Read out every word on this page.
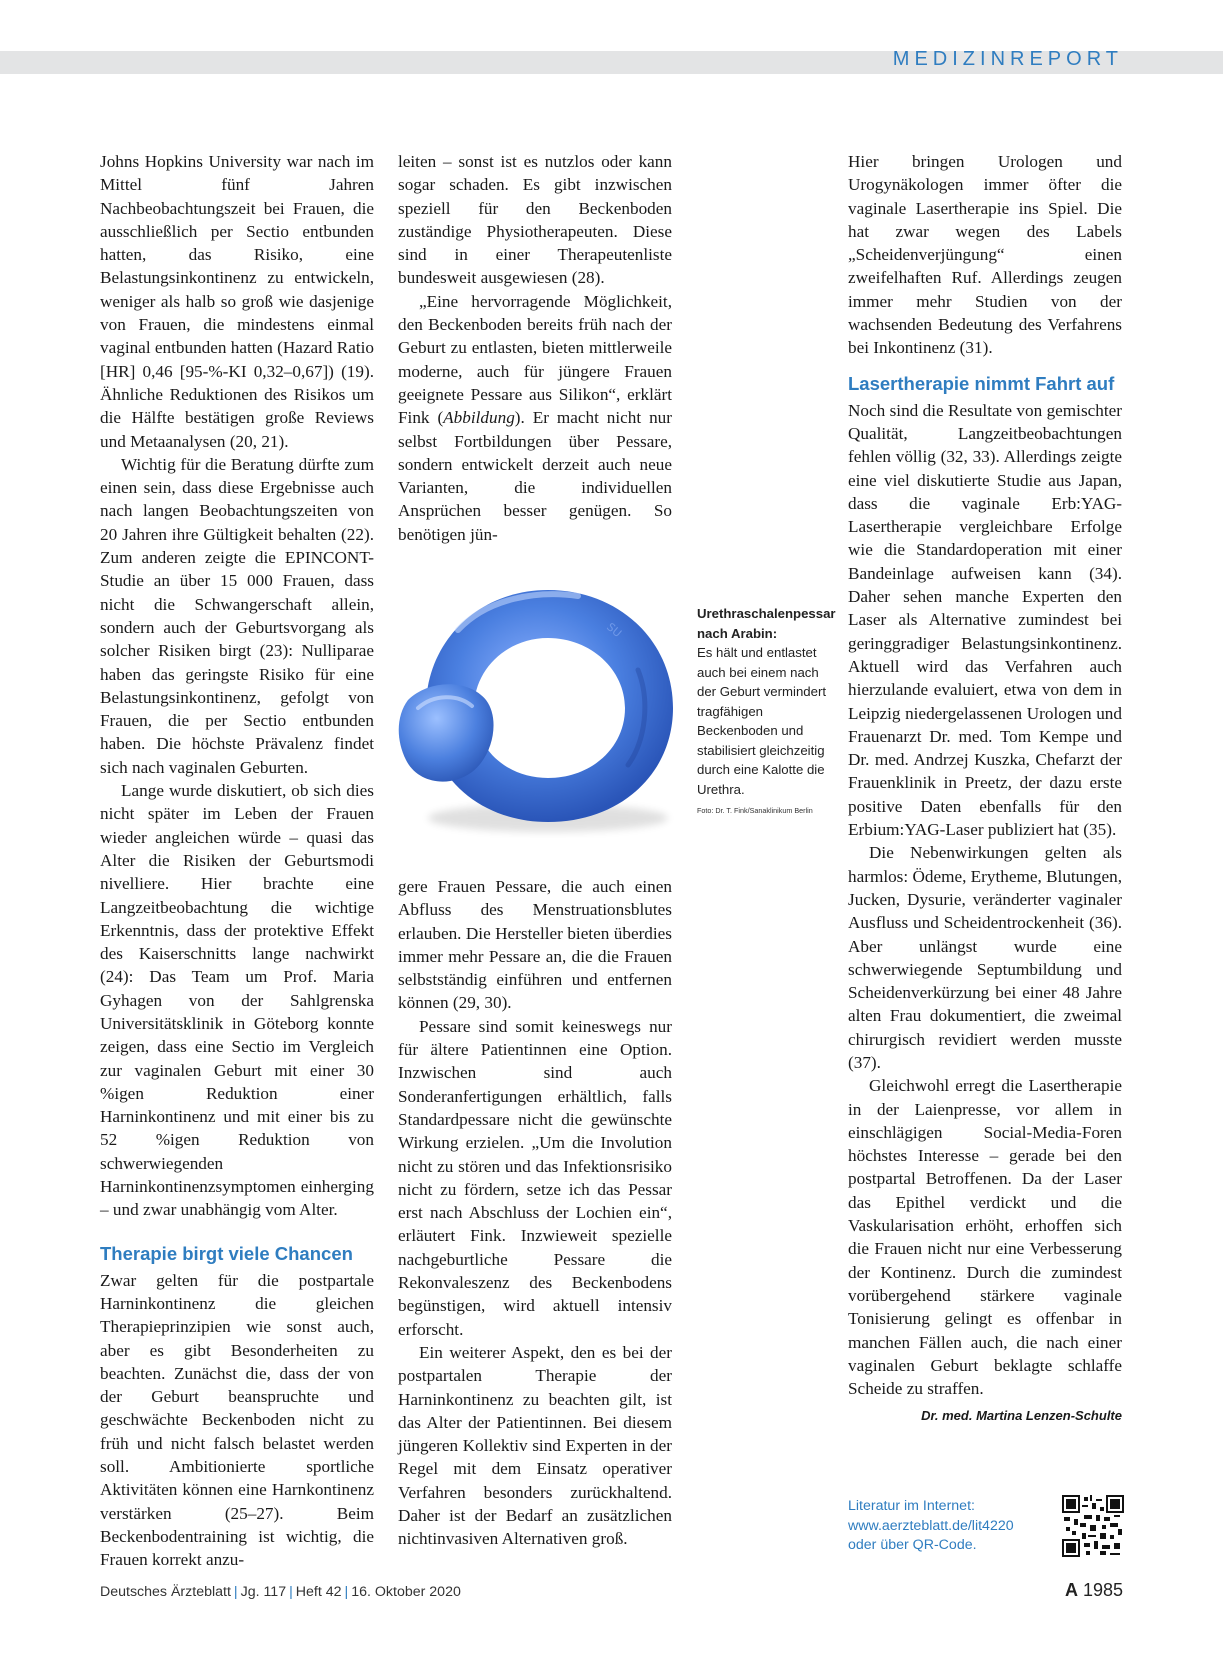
MEDIZINREPORT

Johns Hopkins University war nach im Mittel fünf Jahren Nachbeobachtungszeit bei Frauen, die ausschließlich per Sectio entbunden hatten, das Risiko, eine Belastungsinkontinenz zu entwickeln, weniger als halb so groß wie dasjenige von Frauen, die mindestens einmal vaginal entbunden hatten (Hazard Ratio [HR] 0,46 [95-%-KI 0,32–0,67]) (19). Ähnliche Reduktionen des Risikos um die Hälfte bestätigen große Reviews und Metaanalysen (20, 21).

Wichtig für die Beratung dürfte zum einen sein, dass diese Ergebnisse auch nach langen Beobachtungszeiten von 20 Jahren ihre Gültigkeit behalten (22). Zum anderen zeigte die EPINCONT-Studie an über 15 000 Frauen, dass nicht die Schwangerschaft allein, sondern auch der Geburtsvorgang als solcher Risiken birgt (23): Nulliparae haben das geringste Risiko für eine Belastungsinkontinenz, gefolgt von Frauen, die per Sectio entbunden haben. Die höchste Prävalenz findet sich nach vaginalen Geburten.

Lange wurde diskutiert, ob sich dies nicht später im Leben der Frauen wieder angleichen würde – quasi das Alter die Risiken der Geburtsmodi nivelliere. Hier brachte eine Langzeitbeobachtung die wichtige Erkenntnis, dass der protektive Effekt des Kaiserschnitts lange nachwirkt (24): Das Team um Prof. Maria Gyhagen von der Sahlgrenska Universitätsklinik in Göteborg konnte zeigen, dass eine Sectio im Vergleich zur vaginalen Geburt mit einer 30 %igen Reduktion einer Harninkontinenz und mit einer bis zu 52 %igen Reduktion von schwerwiegenden Harninkontinenzsymptomen einherging – und zwar unabhängig vom Alter.

Therapie birgt viele Chancen

Zwar gelten für die postpartale Harninkontinenz die gleichen Therapieprinzipien wie sonst auch, aber es gibt Besonderheiten zu beachten. Zunächst die, dass der von der Geburt beanspruchte und geschwächte Beckenboden nicht zu früh und nicht falsch belastet werden soll. Ambitionierte sportliche Aktivitäten können eine Harnkontinenz verstärken (25–27). Beim Beckenbodentraining ist wichtig, die Frauen korrekt anzu-

leiten – sonst ist es nutzlos oder kann sogar schaden. Es gibt inzwischen speziell für den Beckenboden zuständige Physiotherapeuten. Diese sind in einer Therapeutenliste bundesweit ausgewiesen (28).

„Eine hervorragende Möglichkeit, den Beckenboden bereits früh nach der Geburt zu entlasten, bieten mittlerweile moderne, auch für jüngere Frauen geeignete Pessare aus Silikon“, erklärt Fink (Abbildung). Er macht nicht nur selbst Fortbildungen über Pessare, sondern entwickelt derzeit auch neue Varianten, die individuellen Ansprüchen besser genügen. So benötigen jün-

SU
Urethraschalenpessar nach Arabin:
Es hält und entlastet auch bei einem nach der Geburt vermindert tragfähigen Beckenboden und stabilisiert gleichzeitig durch eine Kalotte die Urethra.
Foto: Dr. T. Fink/Sanaklinikum Berlin

gere Frauen Pessare, die auch einen Abfluss des Menstruationsblutes erlauben. Die Hersteller bieten überdies immer mehr Pessare an, die die Frauen selbstständig einführen und entfernen können (29, 30).

Pessare sind somit keineswegs nur für ältere Patientinnen eine Option. Inzwischen sind auch Sonderanfertigungen erhältlich, falls Standardpessare nicht die gewünschte Wirkung erzielen. „Um die Involution nicht zu stören und das Infektionsrisiko nicht zu fördern, setze ich das Pessar erst nach Abschluss der Lochien ein“, erläutert Fink. Inzwieweit spezielle nachgeburtliche Pessare die Rekonvaleszenz des Beckenbodens begünstigen, wird aktuell intensiv erforscht.

Ein weiterer Aspekt, den es bei der postpartalen Therapie der Harninkontinenz zu beachten gilt, ist das Alter der Patientinnen. Bei diesem jüngeren Kollektiv sind Experten in der Regel mit dem Einsatz operativer Verfahren besonders zurückhaltend. Daher ist der Bedarf an zusätzlichen nichtinvasiven Alternativen groß.

Hier bringen Urologen und Urogynäkologen immer öfter die vaginale Lasertherapie ins Spiel. Die hat zwar wegen des Labels „Scheidenverjüngung“ einen zweifelhaften Ruf. Allerdings zeugen immer mehr Studien von der wachsenden Bedeutung des Verfahrens bei Inkontinenz (31).

Lasertherapie nimmt Fahrt auf

Noch sind die Resultate von gemischter Qualität, Langzeitbeobachtungen fehlen völlig (32, 33). Allerdings zeigte eine viel diskutierte Studie aus Japan, dass die vaginale Erb:YAG-Lasertherapie vergleichbare Erfolge wie die Standardoperation mit einer Bandeinlage aufweisen kann (34). Daher sehen manche Experten den Laser als Alternative zumindest bei geringgradiger Belastungsinkontinenz. Aktuell wird das Verfahren auch hierzulande evaluiert, etwa von dem in Leipzig niedergelassenen Urologen und Frauenarzt Dr. med. Tom Kempe und Dr. med. Andrzej Kuszka, Chefarzt der Frauenklinik in Preetz, der dazu erste positive Daten ebenfalls für den Erbium:YAG-Laser publiziert hat (35).

Die Nebenwirkungen gelten als harmlos: Ödeme, Erytheme, Blutungen, Jucken, Dysurie, veränderter vaginaler Ausfluss und Scheidentrockenheit (36). Aber unlängst wurde eine schwerwiegende Septumbildung und Scheidenverkürzung bei einer 48 Jahre alten Frau dokumentiert, die zweimal chirurgisch revidiert werden musste (37).

Gleichwohl erregt die Lasertherapie in der Laienpresse, vor allem in einschlägigen Social-Media-Foren höchstes Interesse – gerade bei den postpartal Betroffenen. Da der Laser das Epithel verdickt und die Vaskularisation erhöht, erhoffen sich die Frauen nicht nur eine Verbesserung der Kontinenz. Durch die zumindest vorübergehend stärkere vaginale Tonisierung gelingt es offenbar in manchen Fällen auch, die nach einer vaginalen Geburt beklagte schlaffe Scheide zu straffen.

Dr. med. Martina Lenzen-Schulte
Literatur im Internet:
www.aerzteblatt.de/lit4220
oder über QR-Code.
Deutsches Ärzteblatt | Jg. 117 | Heft 42 | 16. Oktober 2020	A 1985
